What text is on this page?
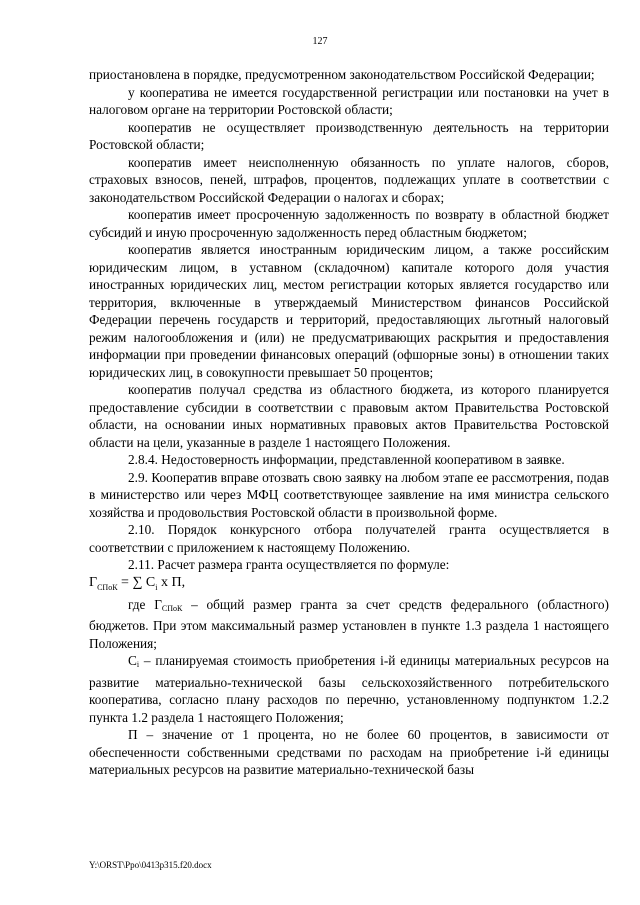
127

приостановлена в порядке, предусмотренном законодательством Российской Федерации;

у кооператива не имеется государственной регистрации или постановки на учет в налоговом органе на территории Ростовской области;

кооператив не осуществляет производственную деятельность на территории Ростовской области;

кооператив имеет неисполненную обязанность по уплате налогов, сборов, страховых взносов, пеней, штрафов, процентов, подлежащих уплате в соответствии с законодательством Российской Федерации о налогах и сборах;

кооператив имеет просроченную задолженность по возврату в областной бюджет субсидий и иную просроченную задолженность перед областным бюджетом;

кооператив является иностранным юридическим лицом, а также российским юридическим лицом, в уставном (складочном) капитале которого доля участия иностранных юридических лиц, местом регистрации которых является государство или территория, включенные в утверждаемый Министерством финансов Российской Федерации перечень государств и территорий, предоставляющих льготный налоговый режим налогообложения и (или) не предусматривающих раскрытия и предоставления информации при проведении финансовых операций (офшорные зоны) в отношении таких юридических лиц, в совокупности превышает 50 процентов;

кооператив получал средства из областного бюджета, из которого планируется предоставление субсидии в соответствии с правовым актом Правительства Ростовской области, на основании иных нормативных правовых актов Правительства Ростовской области на цели, указанные в разделе 1 настоящего Положения.

2.8.4. Недостоверность информации, представленной кооперативом в заявке.

2.9. Кооператив вправе отозвать свою заявку на любом этапе ее рассмотрения, подав в министерство или через МФЦ соответствующее заявление на имя министра сельского хозяйства и продовольствия Ростовской области в произвольной форме.

2.10. Порядок конкурсного отбора получателей гранта осуществляется в соответствии с приложением к настоящему Положению.

2.11. Расчет размера гранта осуществляется по формуле:

$Г_{СПоК}$ = ∑ $C_i$ х П,

где ГСПоК – общий размер гранта за счет средств федерального (областного) бюджетов. При этом максимальный размер установлен в пункте 1.3 раздела 1 настоящего Положения;

Ci – планируемая стоимость приобретения i-й единицы материальных ресурсов на развитие материально-технической базы сельскохозяйственного потребительского кооператива, согласно плану расходов по перечню, установленному подпунктом 1.2.2 пункта 1.2 раздела 1 настоящего Положения;

П – значение от 1 процента, но не более 60 процентов, в зависимости от обеспеченности собственными средствами по расходам на приобретение i-й единицы материальных ресурсов на развитие материально-технической базы

Y:\ORST\Ppo\0413p315.f20.docx
